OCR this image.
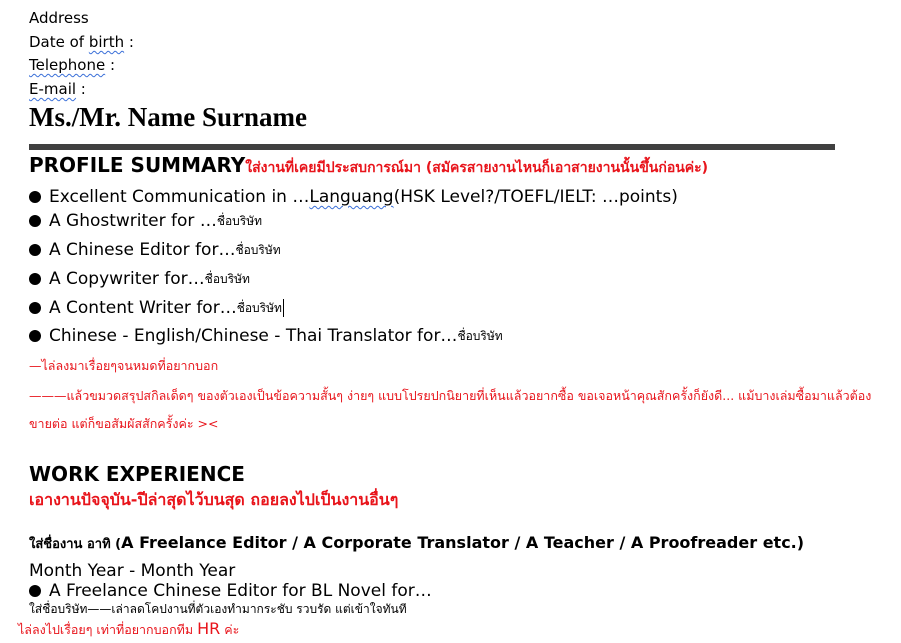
Address
Date of birth :
Telephone :
E-mail :
Ms./Mr. Name Surname
PROFILE SUMMARYใส่งานที่เคยมีประสบการณ์มา (สมัครสายงานไหนก็เอาสายงานนั้นขึ้นก่อนค่ะ)
Excellent Communication in … Languang (HSK Level?/TOEFL/IELT: …points)
A Ghostwriter for … ชื่อบริษัท
A Chinese Editor for… ชื่อบริษัท
A Copywriter for… ชื่อบริษัท
A Content Writer for… ชื่อบริษัท
Chinese - English/Chinese - Thai Translator for… ชื่อบริษัท
—ไล่ลงมาเรื่อยๆจนหมดที่อยากบอก
———แล้วขมวดสรุปสกิลเด็ดๆ ของตัวเองเป็นข้อความสั้นๆ ง่ายๆ แบบโปรยปกนิยายที่เห็นแล้วอยากซื้อ ขอเจอหน้าคุณสักครั้งก็ยังดี... แม้บางเล่มซื้อมาแล้วต้อง
ขายต่อ แต่ก็ขอสัมผัสสักครั้งค่ะ ><
WORK EXPERIENCE
เอางานปัจจุบัน-ปีล่าสุดไว้บนสุด ถอยลงไปเป็นงานอื่นๆ
ใส่ชื่องาน อาทิ (A Freelance Editor / A Corporate Translator / A Teacher / A Proofreader etc.)
Month Year - Month Year
A Freelance Chinese Editor for BL Novel for…
ใส่ชื่อบริษัท——เล่าลดโคปงานที่ตัวเองทำมากระชับ รวบรัด แต่เข้าใจทันที
ไล่ลงไปเรื่อยๆ เท่าที่อยากบอกทีม HR ค่ะ
